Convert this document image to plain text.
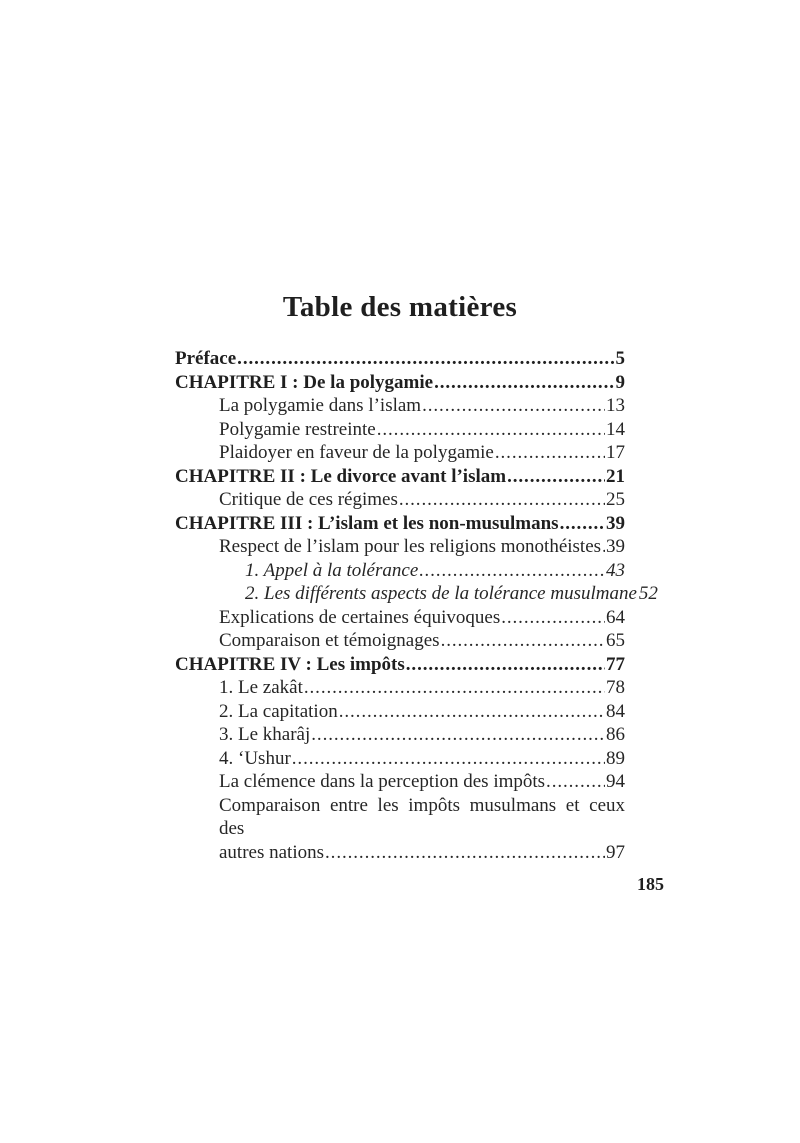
Table des matières
Préface .....	5
CHAPITRE I : De la polygamie .....	9
La polygamie dans l’islam .....	13
Polygamie restreinte .....	14
Plaidoyer en faveur de la polygamie .....	17
CHAPITRE II : Le divorce avant l’islam .....	21
Critique de ces régimes .....	25
CHAPITRE III : L’islam et les non-musulmans ..... 39
Respect de l’islam pour les religions monothéistes ..... 39
1. Appel à la tolérance .....	43
2. Les différents aspects de la tolérance musulmane 52
Explications de certaines équivoques .....	64
Comparaison et témoignages .....	65
CHAPITRE IV : Les impôts .....	77
1. Le zakât .....	78
2. La capitation .....	84
3. Le kharâj .....	86
4. ‘Ushur .....	89
La clémence dans la perception des impôts .....	94
Comparaison entre les impôts musulmans et ceux des
autres nations .....	97
185
